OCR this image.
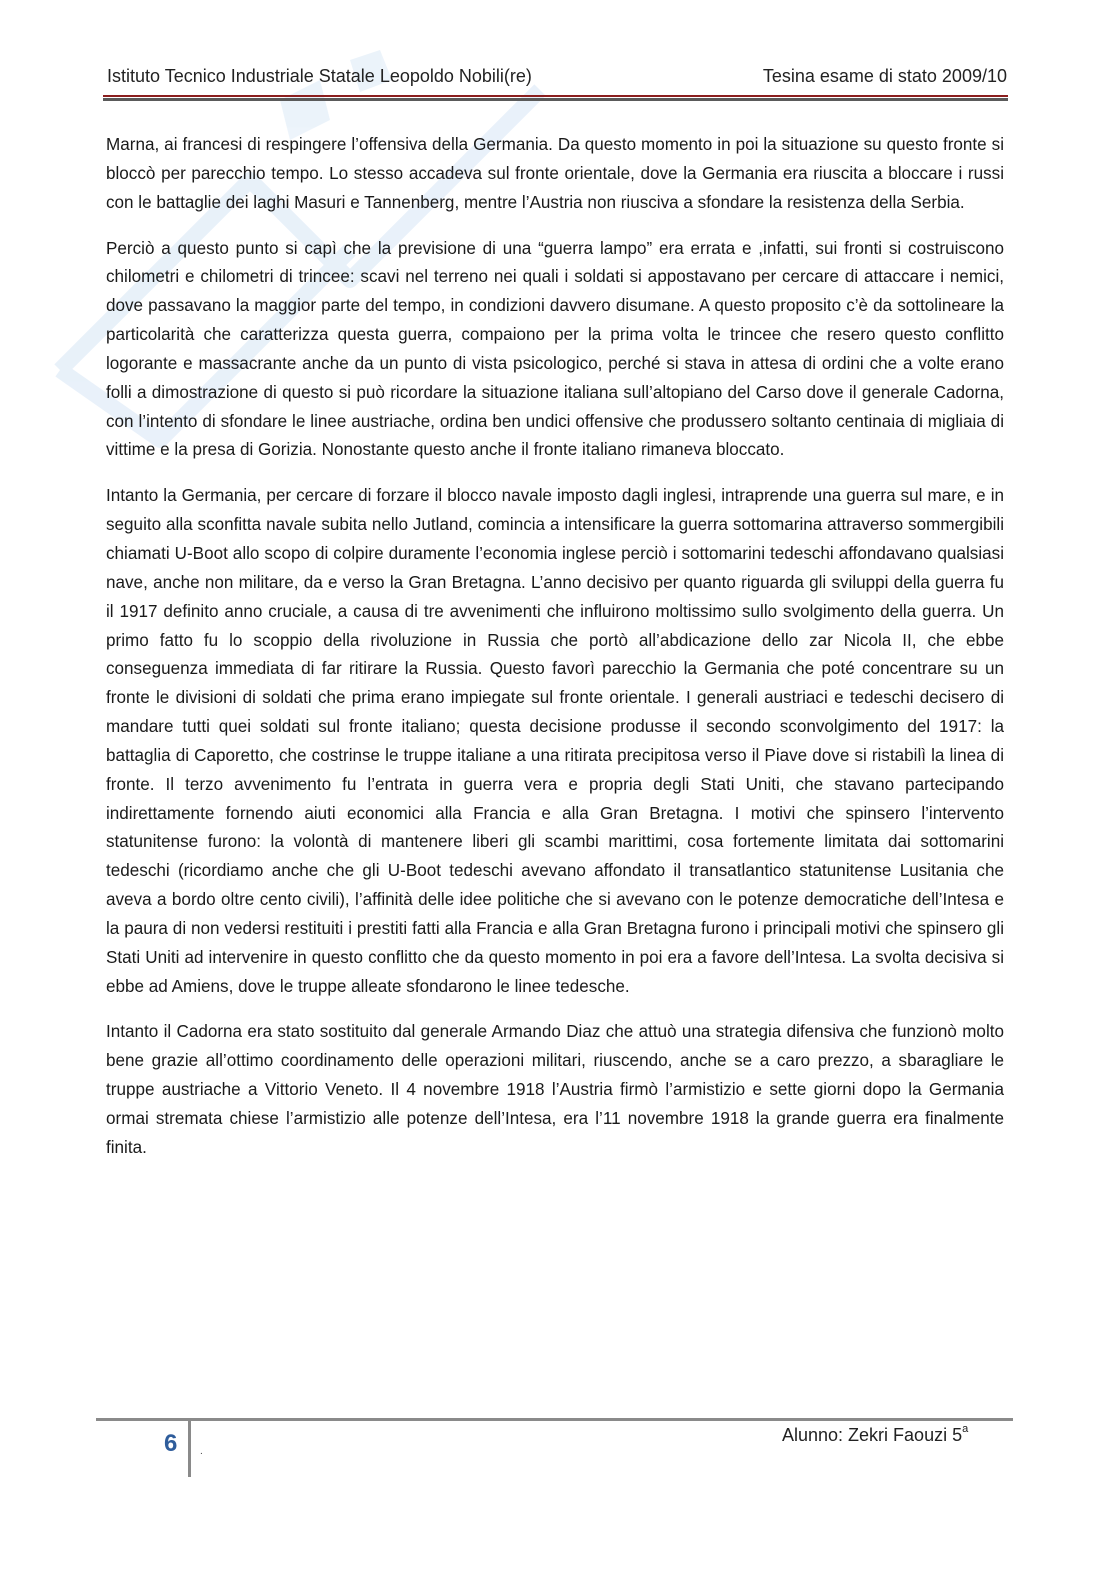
Istituto Tecnico Industriale Statale Leopoldo Nobili(re)	Tesina esame di stato 2009/10

Marna, ai francesi di respingere l’offensiva della Germania. Da questo momento in poi la situazione su questo fronte si bloccò per parecchio tempo. Lo stesso accadeva sul fronte orientale, dove la Germania era riuscita a bloccare i russi con le battaglie dei laghi Masuri e Tannenberg, mentre l’Austria non riusciva a sfondare la resistenza della Serbia.

Perciò a questo punto si capì che la previsione di una “guerra lampo” era errata e ,infatti, sui fronti si costruiscono chilometri e chilometri di trincee: scavi nel terreno nei quali i soldati si appostavano per cercare di attaccare i nemici, dove passavano la maggior parte del tempo, in condizioni davvero disumane. A questo proposito c’è da sottolineare la particolarità che caratterizza questa guerra, compaiono per la prima volta le trincee che resero questo conflitto logorante e massacrante anche da un punto di vista psicologico, perché si stava in attesa di ordini che a volte erano folli a dimostrazione di questo si può ricordare la situazione italiana sull’altopiano del Carso dove il generale Cadorna, con l’intento di sfondare le linee austriache, ordina ben undici offensive che produssero soltanto centinaia di migliaia di vittime e la presa di Gorizia. Nonostante questo anche il fronte italiano rimaneva bloccato.

Intanto la Germania, per cercare di forzare il blocco navale imposto dagli inglesi, intraprende una guerra sul mare, e in seguito alla sconfitta navale subita nello Jutland, comincia a intensificare la guerra sottomarina attraverso sommergibili chiamati U-Boot allo scopo di colpire duramente l’economia inglese perciò i sottomarini tedeschi affondavano qualsiasi nave, anche non militare, da e verso la Gran Bretagna. L’anno decisivo per quanto riguarda gli sviluppi della guerra fu il 1917 definito anno cruciale, a causa di tre avvenimenti che influirono moltissimo sullo svolgimento della guerra. Un primo fatto fu lo scoppio della rivoluzione in Russia che portò all’abdicazione dello zar Nicola II, che ebbe conseguenza immediata di far ritirare la Russia. Questo favorì parecchio la Germania che poté concentrare su un fronte le divisioni di soldati che prima erano impiegate sul fronte orientale. I generali austriaci e tedeschi decisero di mandare tutti quei soldati sul fronte italiano; questa decisione produsse il secondo sconvolgimento del 1917: la battaglia di Caporetto, che costrinse le truppe italiane a una ritirata precipitosa verso il Piave dove si ristabilì la linea di fronte. Il terzo avvenimento fu l’entrata in guerra vera e propria degli Stati Uniti, che stavano partecipando indirettamente fornendo aiuti economici alla Francia e alla Gran Bretagna. I motivi che spinsero l’intervento statunitense furono: la volontà di mantenere liberi gli scambi marittimi, cosa fortemente limitata dai sottomarini tedeschi (ricordiamo anche che gli U-Boot tedeschi avevano affondato il transatlantico statunitense Lusitania che aveva a bordo oltre cento civili), l’affinità delle idee politiche che si avevano con le potenze democratiche dell’Intesa e la paura di non vedersi restituiti i prestiti fatti alla Francia e alla Gran Bretagna furono i principali motivi che spinsero gli Stati Uniti ad intervenire in questo conflitto che da questo momento in poi era a favore dell’Intesa. La svolta decisiva si ebbe ad Amiens, dove le truppe alleate sfondarono le linee tedesche.

Intanto il Cadorna era stato sostituito dal generale Armando Diaz che attuò una strategia difensiva che funzionò molto bene grazie all’ottimo coordinamento delle operazioni militari, riuscendo, anche se a caro prezzo, a sbaragliare le truppe austriache a Vittorio Veneto. Il 4 novembre 1918 l’Austria firmò l’armistizio e sette giorni dopo la Germania ormai stremata chiese l’armistizio alle potenze dell’Intesa, era l’11 novembre 1918 la grande guerra era finalmente finita.

6 .
Alunno: Zekri Faouzi 5$^a$
